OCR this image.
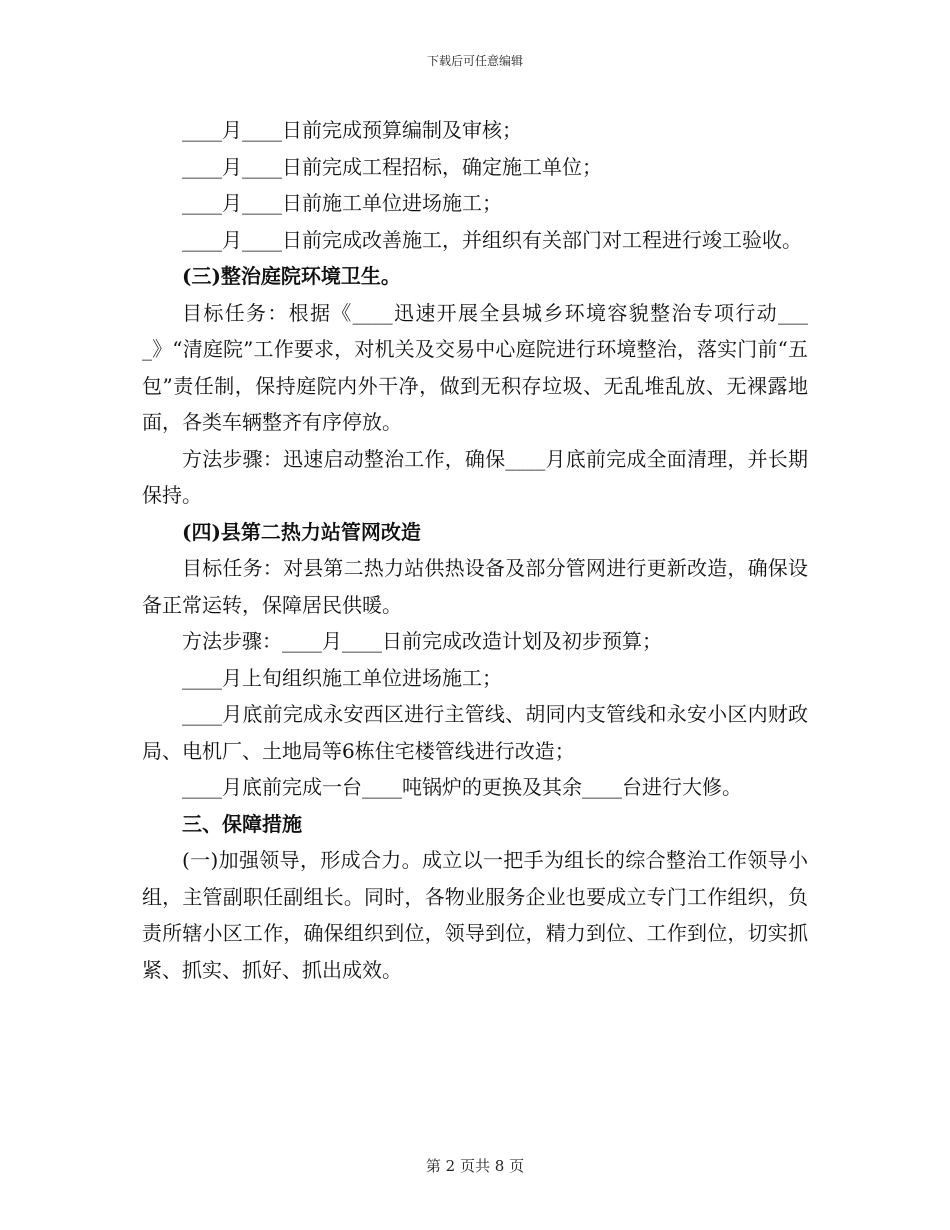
下载后可任意编辑

____月____日前完成预算编制及审核；

____月____日前完成工程招标，确定施工单位；

____月____日前施工单位进场施工；

____月____日前完成改善施工，并组织有关部门对工程进行竣工验收。

(三)整治庭院环境卫生。

目标任务：根据《____迅速开展全县城乡环境容貌整治专项行动____》“清庭院”工作要求，对机关及交易中心庭院进行环境整治，落实门前“五包”责任制，保持庭院内外干净，做到无积存垃圾、无乱堆乱放、无裸露地面，各类车辆整齐有序停放。

方法步骤：迅速启动整治工作，确保____月底前完成全面清理，并长期保持。

(四)县第二热力站管网改造

目标任务：对县第二热力站供热设备及部分管网进行更新改造，确保设备正常运转，保障居民供暖。

方法步骤：____月____日前完成改造计划及初步预算；

____月上旬组织施工单位进场施工；

____月底前完成永安西区进行主管线、胡同内支管线和永安小区内财政局、电机厂、土地局等6栋住宅楼管线进行改造；

____月底前完成一台____吨锅炉的更换及其余____台进行大修。

三、保障措施

(一)加强领导，形成合力。成立以一把手为组长的综合整治工作领导小组，主管副职任副组长。同时，各物业服务企业也要成立专门工作组织，负责所辖小区工作，确保组织到位，领导到位，精力到位、工作到位，切实抓紧、抓实、抓好、抓出成效。

第 2 页共 8 页
